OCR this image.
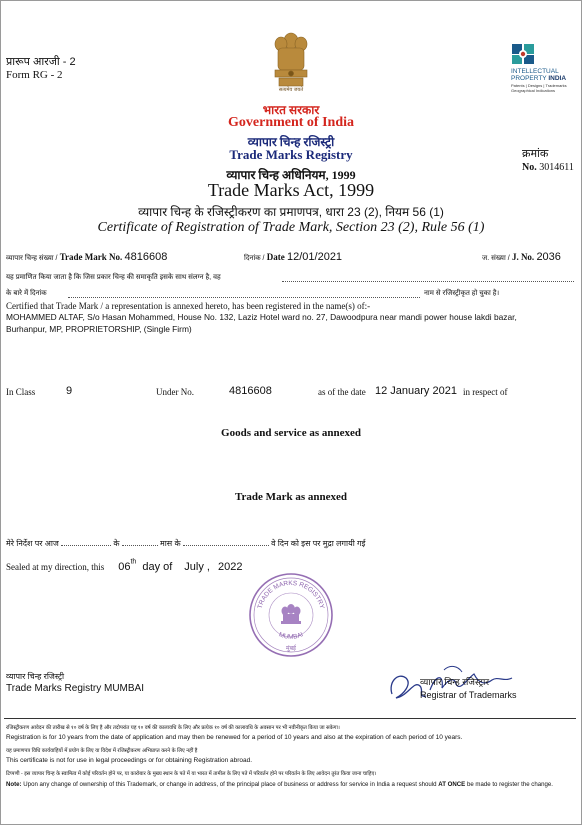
प्रारूप आरजी - 2
Form RG - 2
सत्यमेव जयते
INTELLECTUAL
PROPERTY INDIA
Patents | Designs | Trademarks
Geographical Indications
भारत सरकार
Government of India
व्यापार चिन्ह रजिस्ट्री
Trade Marks Registry
व्यापार चिन्ह अधिनियम, 1999
Trade Marks Act, 1999
व्यापार चिन्ह के रजिस्ट्रीकरण का प्रमाणपत्र, धारा 23 (2), नियम 56 (1)
Certificate of Registration of Trade Mark, Section 23 (2), Rule 56 (1)
क्रमांक
No. 3014611
व्यापार चिन्ह संख्या / Trade Mark No. 4816608	दिनांक / Date 12/01/2021	ज. संख्या / J. No. 2036
यह प्रमाणित किया जाता है कि जिस प्रकार चिन्ह की समाकृति इसके साथ संलग्न है, वह
के बारे में दिनांक	नाम से रजिस्ट्रीकृत हो चुका है।
Certified that Trade Mark / a representation is annexed hereto, has been registered in the name(s) of:-
MOHAMMED ALTAF, S/o Hasan Mohammed, House No. 132, Laziz Hotel ward no. 27, Dawoodpura near mandi power house lakdi bazar,
Burhanpur, MP, PROPRIETORSHIP, (Single Firm)
In Class	9	Under No.	4816608	as of the date 12 January 2021 in respect of
Goods and service as annexed
Trade Mark as annexed
मेरे निर्देश पर आज	के	मास के	वे दिन को इस पर मुद्रा लगायी गई
Sealed at my direction, this 06th day of July , 2022
TRADE MARKS REGISTRY
MUMBAI
मुंबई
व्यापार चिन्ह रजिस्ट्री
Trade Marks Registry MUMBAI
व्यापार चिन्ह रजिस्ट्रार
Registrar of Trademarks
रजिस्ट्रीकरण आवेदन की तारीख से १० वर्ष के लिए है और तदोपरांत यह १० वर्ष की कालावधि के लिए और प्रत्येक १० वर्ष की कालावधि के अवसान पर भी नवीनीकृत किया जा सकेगा।
Registration is for 10 years from the date of application and may then be renewed for a period of 10 years and also at the expiration of each period of 10 years.
यह प्रमाणपत्र विधि कार्यवाहियों में प्रयोग के लिए या विदेश में रजिस्ट्रीकरण अभिप्राप्त करने के लिए नहीं है
This certificate is not for use in legal proceedings or for obtaining Registration abroad.
टिप्पणी - इस व्यापार चिन्ह के स्वामित्व में कोई परिवर्तन होने पर, या कारोबार के मुख्य स्थान के पते में या भारत में तामील के लिए पते में परिवर्तन होने पर परिवर्तन के लिए आवेदन तुरंत किया जाना चाहिए।
Note: Upon any change of ownership of this Trademark, or change in address, of the principal place of business or address for service in India a request should AT ONCE be made to register the change.
